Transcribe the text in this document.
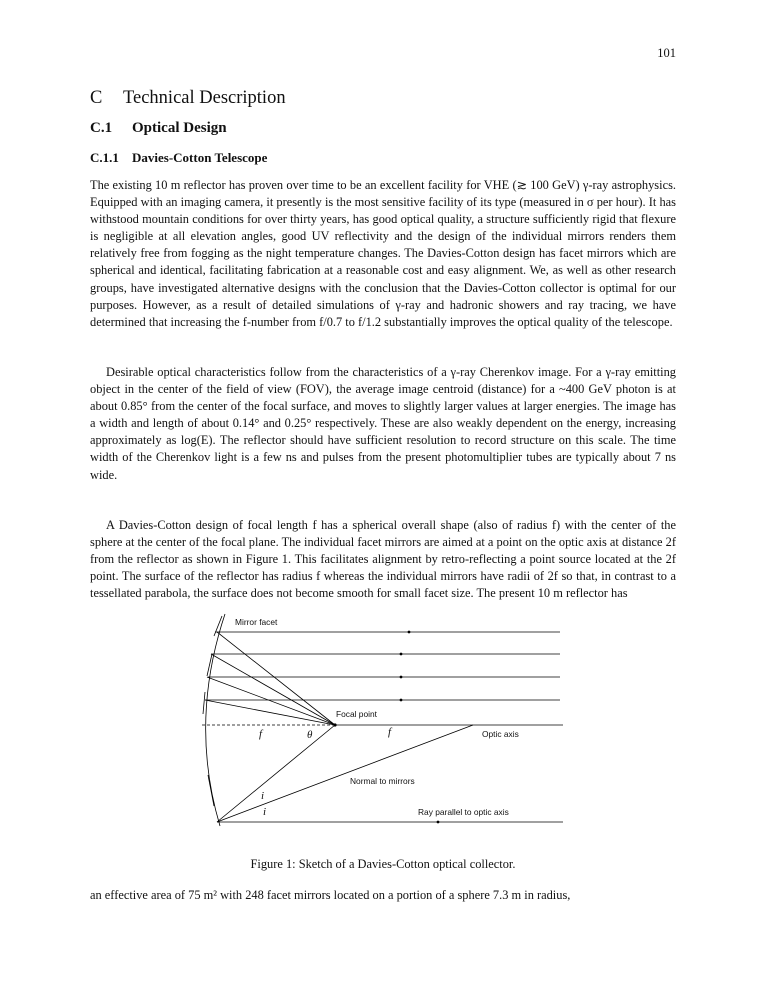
101
C Technical Description
C.1 Optical Design
C.1.1 Davies-Cotton Telescope

The existing 10 m reflector has proven over time to be an excellent facility for VHE (≳ 100 GeV) γ-ray astrophysics. Equipped with an imaging camera, it presently is the most sensitive facility of its type (measured in σ per hour). It has withstood mountain conditions for over thirty years, has good optical quality, a structure sufficiently rigid that flexure is negligible at all elevation angles, good UV reflectivity and the design of the individual mirrors renders them relatively free from fogging as the night temperature changes. The Davies-Cotton design has facet mirrors which are spherical and identical, facilitating fabrication at a reasonable cost and easy alignment. We, as well as other research groups, have investigated alternative designs with the conclusion that the Davies-Cotton collector is optimal for our purposes. However, as a result of detailed simulations of γ-ray and hadronic showers and ray tracing, we have determined that increasing the f-number from f/0.7 to f/1.2 substantially improves the optical quality of the telescope.

Desirable optical characteristics follow from the characteristics of a γ-ray Cherenkov image. For a γ-ray emitting object in the center of the field of view (FOV), the average image centroid (distance) for a ~400 GeV photon is at about 0.85° from the center of the focal surface, and moves to slightly larger values at larger energies. The image has a width and length of about 0.14° and 0.25° respectively. These are also weakly dependent on the energy, increasing approximately as log(E). The reflector should have sufficient resolution to record structure on this scale. The time width of the Cherenkov light is a few ns and pulses from the present photomultiplier tubes are typically about 7 ns wide.

A Davies-Cotton design of focal length f has a spherical overall shape (also of radius f) with the center of the sphere at the center of the focal plane. The individual facet mirrors are aimed at a point on the optic axis at distance 2f from the reflector as shown in Figure 1. This facilitates alignment by retro-reflecting a point source located at the 2f point. The surface of the reflector has radius f whereas the individual mirrors have radii of 2f so that, in contrast to a tessellated parabola, the surface does not become smooth for small facet size. The present 10 m reflector has

Mirror facet
Focal point
Optic axis
Normal to mirrors
Ray parallel to optic axis
f	f
θ
i
i
Figure 1: Sketch of a Davies-Cotton optical collector.

an effective area of 75 m² with 248 facet mirrors located on a portion of a sphere 7.3 m in radius,
